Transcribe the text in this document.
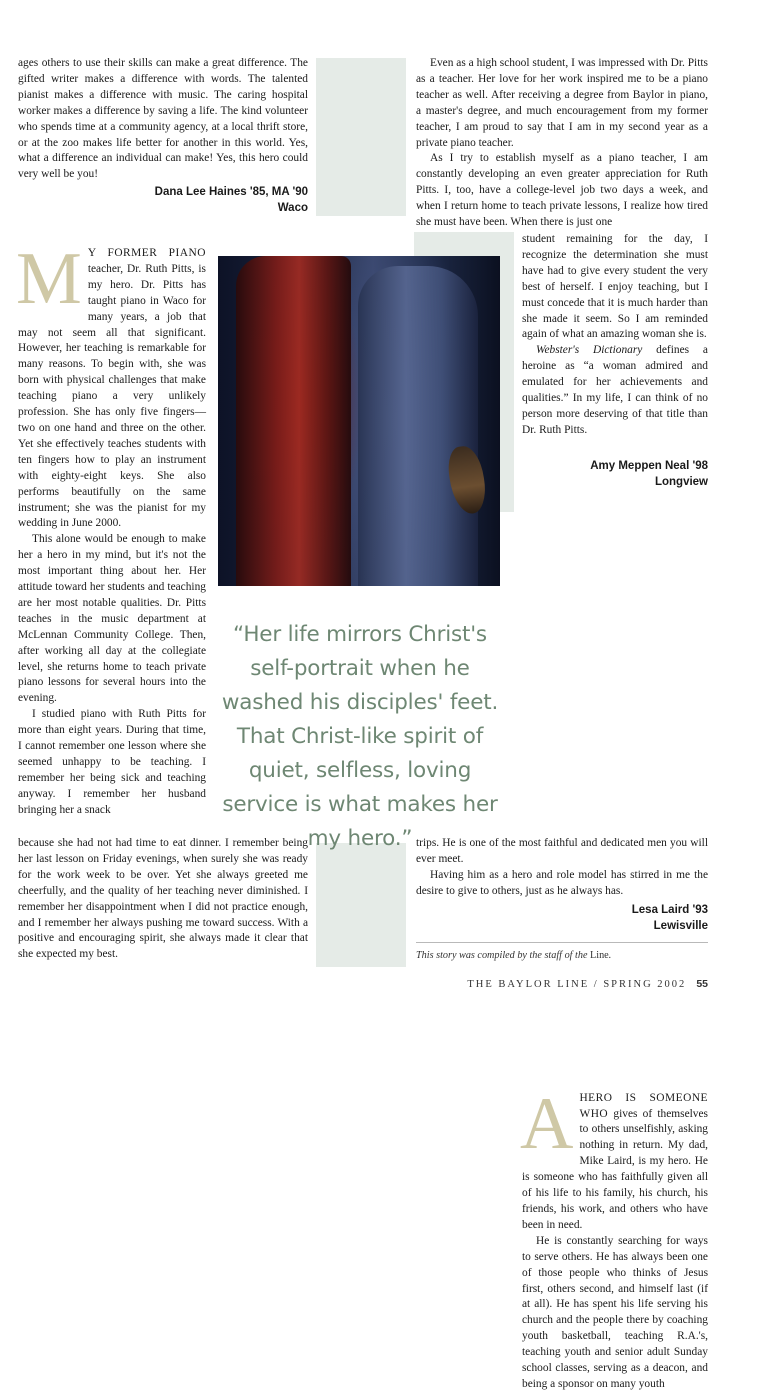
ages others to use their skills can make a great difference. The gifted writer makes a difference with words. The talented pianist makes a difference with music. The caring hospital worker makes a difference by saving a life. The kind volunteer who spends time at a community agency, at a local thrift store, or at the zoo makes life better for another in this world. Yes, what a difference an individual can make! Yes, this hero could very well be you!

Dana Lee Haines '85, MA '90
Waco
M Y FORMER PIANO teacher, Dr. Ruth Pitts, is my hero. Dr. Pitts has taught piano in Waco for many years, a job that may not seem all that significant. However, her teaching is remarkable for many reasons. To begin with, she was born with physical challenges that make teaching piano a very unlikely profession. She has only five fingers—two on one hand and three on the other. Yet she effectively teaches students with ten fingers how to play an instrument with eighty-eight keys. She also performs beautifully on the same instrument; she was the pianist for my wedding in June 2000.

This alone would be enough to make her a hero in my mind, but it's not the most important thing about her. Her attitude toward her students and teaching are her most notable qualities. Dr. Pitts teaches in the music department at McLennan Community College. Then, after working all day at the collegiate level, she returns home to teach private piano lessons for several hours into the evening.

I studied piano with Ruth Pitts for more than eight years. During that time, I cannot remember one lesson where she seemed unhappy to be teaching. I remember her being sick and teaching anyway. I remember her husband bringing her a snack

because she had not had time to eat dinner. I remember being her last lesson on Friday evenings, when surely she was ready for the work week to be over. Yet she always greeted me cheerfully, and the quality of her teaching never diminished. I remember her disappointment when I did not practice enough, and I remember her always pushing me toward success. With a positive and encouraging spirit, she always made it clear that she expected my best.

“Her life mirrors Christ's self-portrait when he washed his disciples' feet. That Christ-like spirit of quiet, selfless, loving service is what makes her my hero.”

Even as a high school student, I was impressed with Dr. Pitts as a teacher. Her love for her work inspired me to be a piano teacher as well. After receiving a degree from Baylor in piano, a master's degree, and much encouragement from my former teacher, I am proud to say that I am in my second year as a private piano teacher.

As I try to establish myself as a piano teacher, I am constantly developing an even greater appreciation for Ruth Pitts. I, too, have a college-level job two days a week, and when I return home to teach private lessons, I realize how tired she must have been. When there is just one

student remaining for the day, I recognize the determination she must have had to give every student the very best of herself. I enjoy teaching, but I must concede that it is much harder than she made it seem. So I am reminded again of what an amazing woman she is.

Webster's Dictionary defines a heroine as “a woman admired and emulated for her achievements and qualities.” In my life, I can think of no person more deserving of that title than Dr. Ruth Pitts.

Amy Meppen Neal '98
Longview
A HERO IS SOMEONE WHO gives of themselves to others unselfishly, asking nothing in return. My dad, Mike Laird, is my hero. He is someone who has faithfully given all of his life to his family, his church, his friends, his work, and others who have been in need.

He is constantly searching for ways to serve others. He has always been one of those people who thinks of Jesus first, others second, and himself last (if at all). He has spent his life serving his church and the people there by coaching youth basketball, teaching R.A.'s, teaching youth and senior adult Sunday school classes, serving as a deacon, and being a sponsor on many youth

trips. He is one of the most faithful and dedicated men you will ever meet.

Having him as a hero and role model has stirred in me the desire to give to others, just as he always has.

Lesa Laird '93
Lewisville
This story was compiled by the staff of the Line.
THE BAYLOR LINE / SPRING 2002 55
